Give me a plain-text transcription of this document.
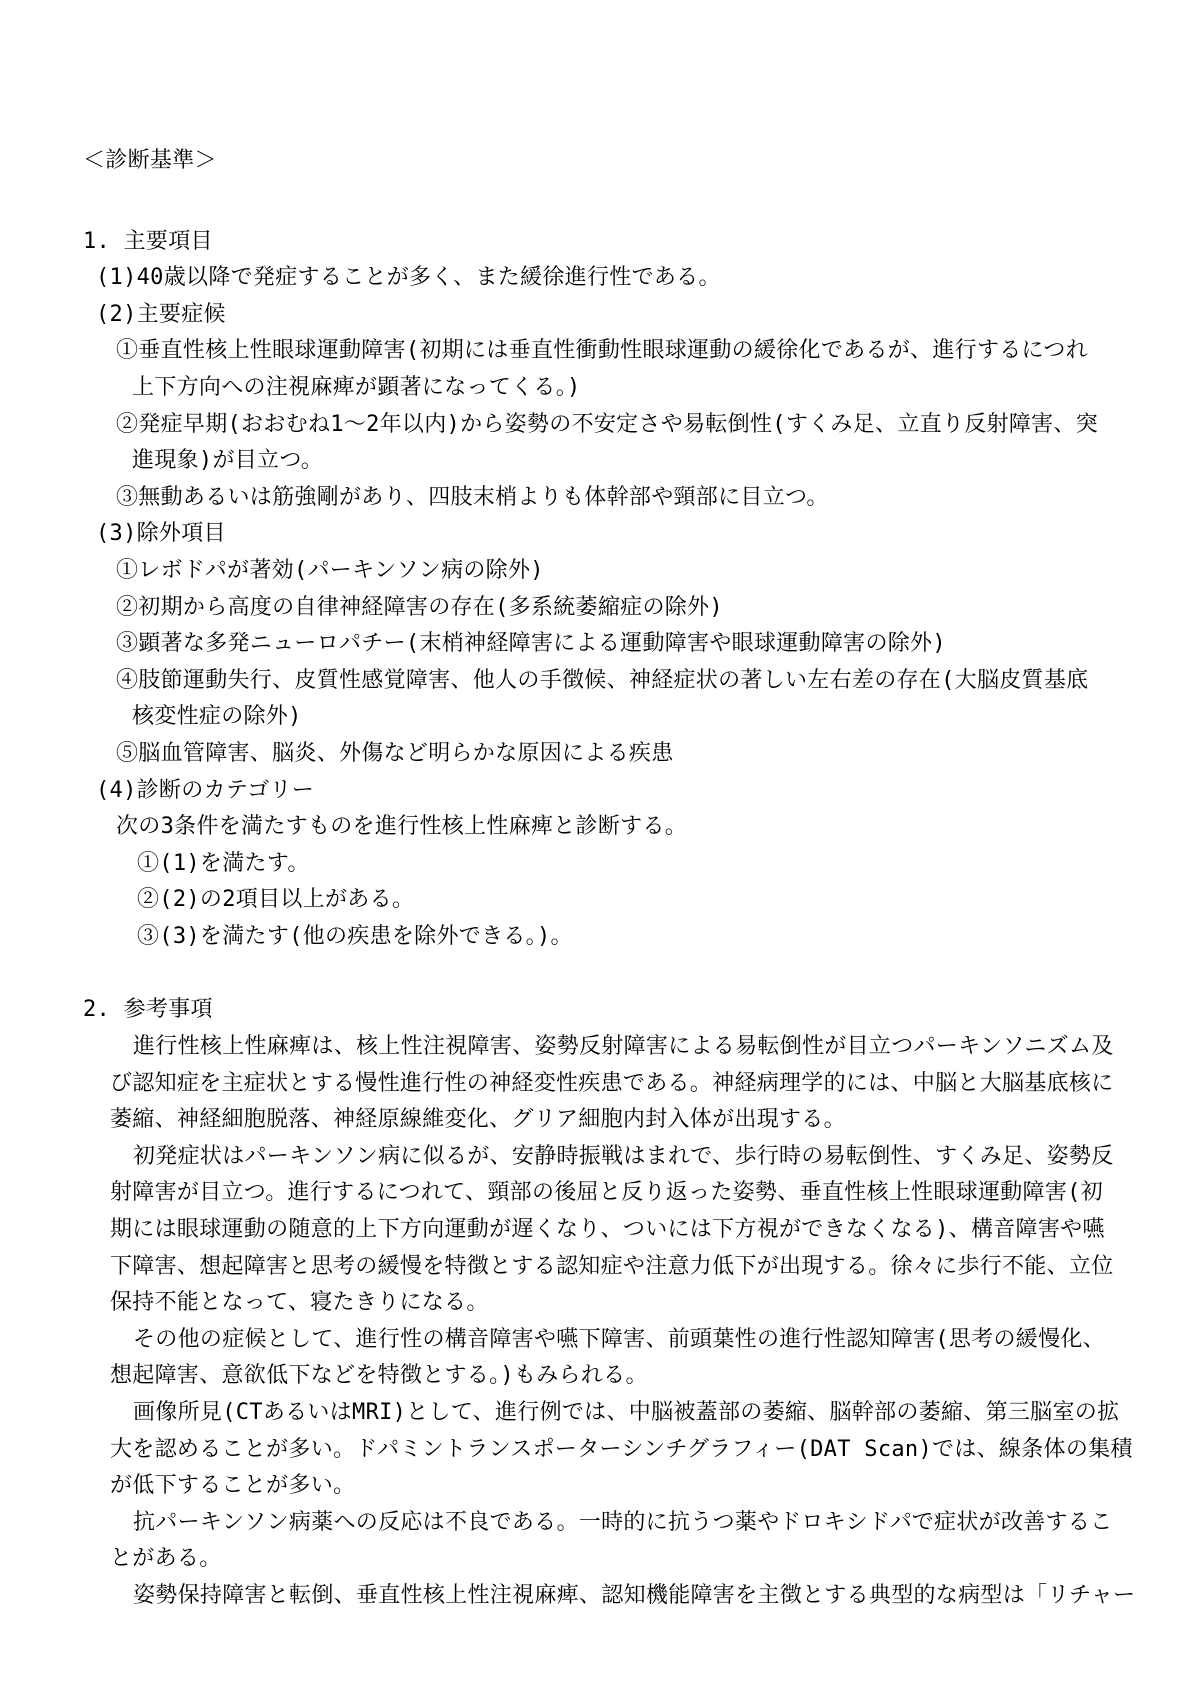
＜診断基準＞
1. 主要項目
(1)40歳以降で発症することが多く、また緩徐進行性である。
(2)主要症候
①垂直性核上性眼球運動障害(初期には垂直性衝動性眼球運動の緩徐化であるが、進行するにつれ
上下方向への注視麻痺が顕著になってくる。)
②発症早期(おおむね1～2年以内)から姿勢の不安定さや易転倒性(すくみ足、立直り反射障害、突
進現象)が目立つ。
③無動あるいは筋強剛があり、四肢末梢よりも体幹部や頸部に目立つ。
(3)除外項目
①レボドパが著効(パーキンソン病の除外)
②初期から高度の自律神経障害の存在(多系統萎縮症の除外)
③顕著な多発ニューロパチー(末梢神経障害による運動障害や眼球運動障害の除外)
④肢節運動失行、皮質性感覚障害、他人の手徴候、神経症状の著しい左右差の存在(大脳皮質基底
核変性症の除外)
⑤脳血管障害、脳炎、外傷など明らかな原因による疾患
(4)診断のカテゴリー
次の3条件を満たすものを進行性核上性麻痺と診断する。
①(1)を満たす。
②(2)の2項目以上がある。
③(3)を満たす(他の疾患を除外できる。)。
2. 参考事項
進行性核上性麻痺は、核上性注視障害、姿勢反射障害による易転倒性が目立つパーキンソニズム及
び認知症を主症状とする慢性進行性の神経変性疾患である。神経病理学的には、中脳と大脳基底核に
萎縮、神経細胞脱落、神経原線維変化、グリア細胞内封入体が出現する。
初発症状はパーキンソン病に似るが、安静時振戦はまれで、歩行時の易転倒性、すくみ足、姿勢反
射障害が目立つ。進行するにつれて、頸部の後屈と反り返った姿勢、垂直性核上性眼球運動障害(初
期には眼球運動の随意的上下方向運動が遅くなり、ついには下方視ができなくなる)、構音障害や嚥
下障害、想起障害と思考の緩慢を特徴とする認知症や注意力低下が出現する。徐々に歩行不能、立位
保持不能となって、寝たきりになる。
その他の症候として、進行性の構音障害や嚥下障害、前頭葉性の進行性認知障害(思考の緩慢化、
想起障害、意欲低下などを特徴とする。)もみられる。
画像所見(CTあるいはMRI)として、進行例では、中脳被蓋部の萎縮、脳幹部の萎縮、第三脳室の拡
大を認めることが多い。ドパミントランスポーターシンチグラフィー(DAT Scan)では、線条体の集積
が低下することが多い。
抗パーキンソン病薬への反応は不良である。一時的に抗うつ薬やドロキシドパで症状が改善するこ
とがある。
姿勢保持障害と転倒、垂直性核上性注視麻痺、認知機能障害を主徴とする典型的な病型は「リチャー
